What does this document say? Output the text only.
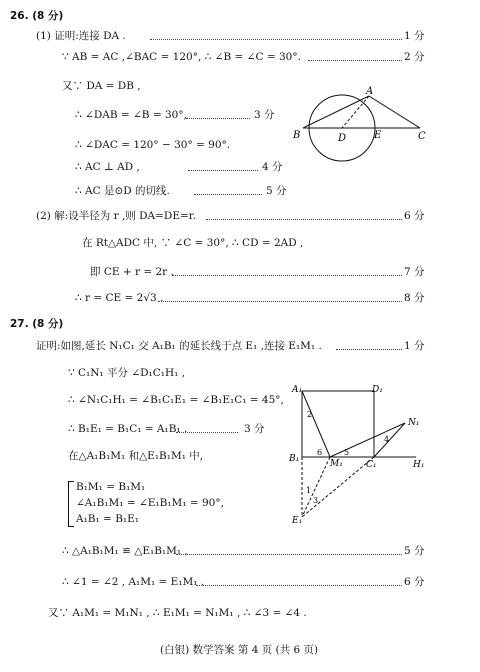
26. (8 分)
(1) 证明:连接 DA .	1 分
∵ AB = AC ,∠BAC = 120°, ∴ ∠B = ∠C = 30°.	2 分
又∵ DA = DB ,
∴ ∠DAB = ∠B = 30°,	3 分
∴ ∠DAC = 120° − 30° = 90°.
∴ AC ⊥ AD ,	4 分
∴ AC 是⊙D 的切线.	5 分
A
B	D	E	C
(2) 解:设半径为 r ,则 DA=DE=r.	6 分
在 Rt△ADC 中, ∵ ∠C = 30°, ∴ CD = 2AD ,
即 CE + r = 2r .	7 分
∴ r = CE = 2√3 .	8 分
27. (8 分)
证明:如图,延长 N₁C₁ 交 A₁B₁ 的延长线于点 E₁ ,连接 E₁M₁ .	1 分
∵ C₁N₁ 平分 ∠D₁C₁H₁ ,
∴ ∠N₁C₁H₁ = ∠B₁C₁E₁ = ∠B₁E₁C₁ = 45°,
∴ B₁E₁ = B₁C₁ = A₁B₁ .	3 分
在△A₁B₁M₁ 和△E₁B₁M₁ 中,
B₁M₁ = B₁M₁
∠A₁B₁M₁ = ∠E₁B₁M₁ = 90°,
A₁B₁ = B₁E₁
A₁	D₁
B₁	M₁	C₁	H₁
N₁
E₁
2
6	5
4
1
3
∴ △A₁B₁M₁ ≌ △E₁B₁M₁ ,	5 分
∴ ∠1 = ∠2 , A₁M₁ = E₁M₁ .	6 分
又∵ A₁M₁ = M₁N₁ , ∴ E₁M₁ = N₁M₁ , ∴ ∠3 = ∠4 .
(白银) 数学答案 第 4 页 (共 6 页)
